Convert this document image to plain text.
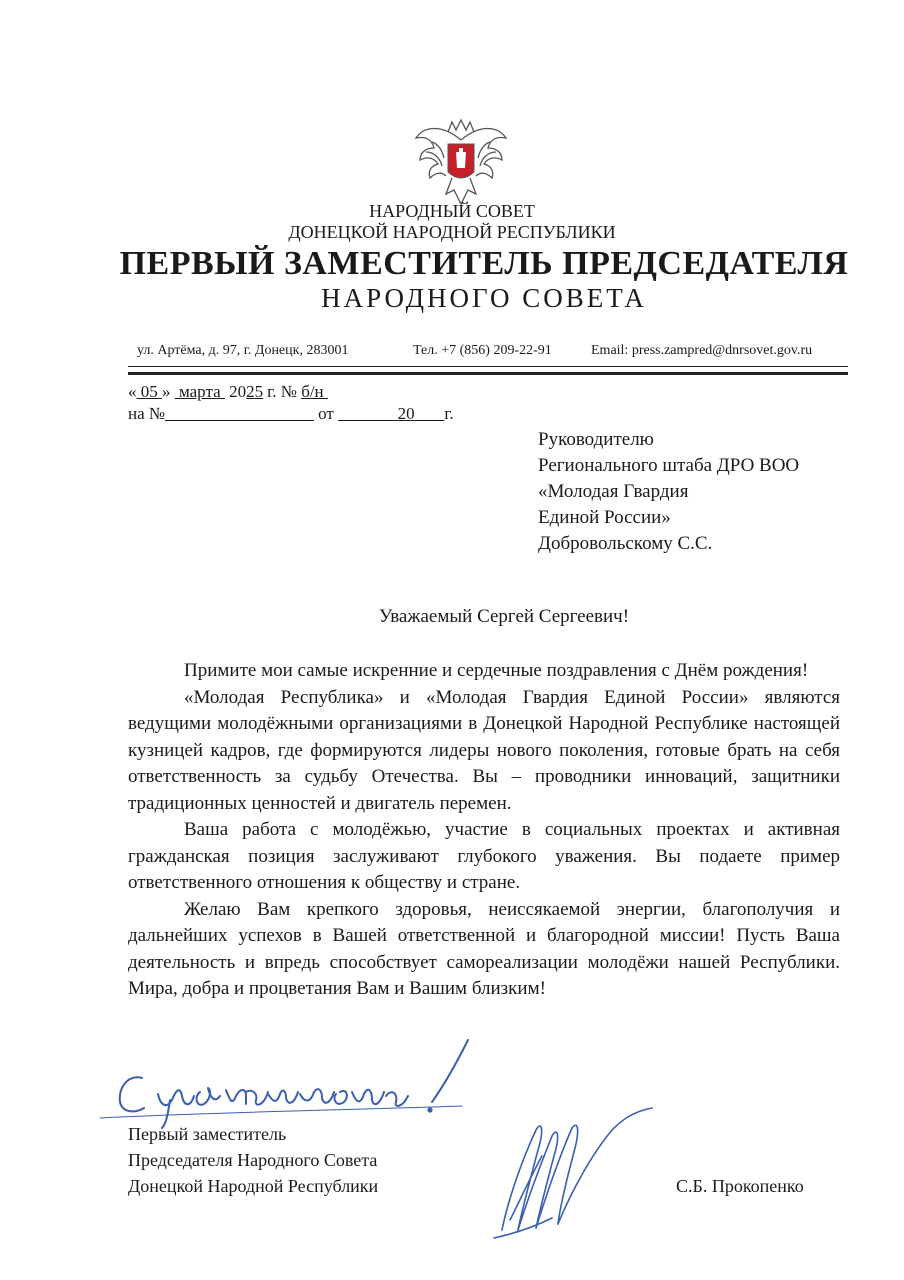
НАРОДНЫЙ СОВЕТ
ДОНЕЦКОЙ НАРОДНОЙ РЕСПУБЛИКИ
ПЕРВЫЙ ЗАМЕСТИТЕЛЬ ПРЕДСЕДАТЕЛЯ
НАРОДНОГО СОВЕТА
ул. Артёма, д. 97, г. Донецк, 283001	Тел. +7 (856) 209-22-91	Email: press.zampred@dnrsovet.gov.ru
« 05 » марта 2025 г. № б/н
на №	от	20 г.
Руководителю
Регионального штаба ДРО ВОО
«Молодая Гвардия
Единой России»
Добровольскому С.С.
Уважаемый Сергей Сергеевич!

Примите мои самые искренние и сердечные поздравления с Днём рождения!

«Молодая Республика» и «Молодая Гвардия Единой России» являются ведущими молодёжными организациями в Донецкой Народной Республике настоящей кузницей кадров, где формируются лидеры нового поколения, готовые брать на себя ответственность за судьбу Отечества. Вы – проводники инноваций, защитники традиционных ценностей и двигатель перемен.

Ваша работа с молодёжью, участие в социальных проектах и активная гражданская позиция заслуживают глубокого уважения. Вы подаете пример ответственного отношения к обществу и стране.

Желаю Вам крепкого здоровья, неиссякаемой энергии, благополучия и дальнейших успехов в Вашей ответственной и благородной миссии! Пусть Ваша деятельность и впредь способствует самореализации молодёжи нашей Республики. Мира, добра и процветания Вам и Вашим близким!

Первый заместитель
Председателя Народного Совета
Донецкой Народной Республики	С.Б. Прокопенко
